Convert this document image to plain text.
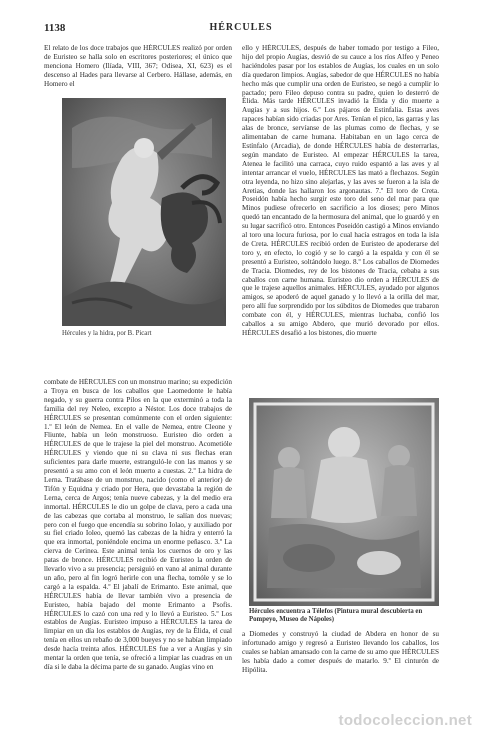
1138	HÉRCULES

El relato de los doce trabajos que HÉRCULES realizó por orden de Euristeo se halla solo en escritores posteriores; el único que menciona Homero (Ilíada, VIII, 367; Odisea, XI, 623) es el descenso al Hades para llevarse al Cerbero. Hállase, además, en Homero el

Hércules y la hidra, por B. Picart

combate de HÉRCULES con un monstruo marino; su expedición a Troya en busca de los caballos que Laomedonte le había negado, y su guerra contra Pilos en la que exterminó a toda la familia del rey Neleo, excepto a Néstor. Los doce trabajos de HÉRCULES se presentan comúnmente con el orden siguiente: 1.º El león de Nemea. En el valle de Nemea, entre Cleone y Fliunte, había un león monstruoso. Euristeo dio orden a HÉRCULES de que le trajese la piel del monstruo. Acometióle HÉRCULES y viendo que ni su clava ni sus flechas eran suficientes para darle muerte, estranguló-le con las manos y se presentó a su amo con el león muerto a cuestas. 2.º La hidra de Lerna. Tratábase de un monstruo, nacido (como el anterior) de Tifón y Equidna y criado por Hera, que devastaba la región de Lerna, cerca de Argos; tenía nueve cabezas, y la del medio era inmortal. HÉRCULES le dio un golpe de clava, pero a cada una de las cabezas que cortaba al monstruo, le salían dos nuevas; pero con el fuego que encendía su sobrino Iolao, y auxiliado por su fiel criado Ioleo, quemó las cabezas de la hidra y enterró la que era inmortal, poniéndole encima un enorme peñasco. 3.º La cierva de Cerinea. Este animal tenía los cuernos de oro y las patas de bronce. HÉRCULES recibió de Euristeo la orden de llevarlo vivo a su presencia; persiguió en vano al animal durante un año, pero al fin logró herirle con una flecha, tomóle y se lo cargó a la espalda. 4.º El jabalí de Erimanto. Este animal, que HÉRCULES había de llevar también vivo a presencia de Euristeo, había bajado del monte Erimanto a Psofis. HÉRCULES lo cazó con una red y lo llevó a Euristeo. 5.º Los establos de Augías. Euristeo impuso a HÉRCULES la tarea de limpiar en un día los establos de Augías, rey de la Élida, el cual tenía en ellos un rebaño de 3,000 bueyes y no se habían limpiado desde hacía treinta años. HÉRCULES fue a ver a Augías y sin mentar la orden que tenía, se ofreció a limpiar las cuadras en un día si le daba la décima parte de su ganado. Augías vino en

ello y HÉRCULES, después de haber tomado por testigo a Fileo, hijo del propio Augías, desvió de su cauce a los ríos Alfeo y Peneo haciéndoles pasar por los establos de Augías, los cuales en un solo día quedaron limpios. Augías, sabedor de que HÉRCULES no había hecho más que cumplir una orden de Euristeo, se negó a cumplir lo pactado; pero Fileo depuso contra su padre, quien lo desterró de Élida. Más tarde HÉRCULES invadió la Élida y dio muerte a Augías y a sus hijos. 6.º Los pájaros de Estinfalia. Estas aves rapaces habían sido criadas por Ares. Tenían el pico, las garras y las alas de bronce, servíanse de las plumas como de flechas, y se alimentaban de carne humana. Habitaban en un lago cerca de Estínfalo (Arcadia), de donde HÉRCULES había de desterrarlas, según mandato de Euristeo. Al empezar HÉRCULES la tarea, Atenea le facilitó una carraca, cuyo ruido espantó a las aves y al intentar arrancar el vuelo, HÉRCULES las mató a flechazos. Según otra leyenda, no hizo sino alejarlas, y las aves se fueron a la isla de Aretias, donde las hallaron los argonautas. 7.º El toro de Creta. Poseidón había hecho surgir este toro del seno del mar para que Minos pudiese ofrecerlo en sacrificio a los dioses; pero Minos quedó tan encantado de la hermosura del animal, que lo guardó y en su lugar sacrificó otro. Entonces Poseidón castigó a Minos enviando al toro una locura furiosa, por lo cual hacía estragos en toda la isla de Creta. HÉRCULES recibió orden de Euristeo de apoderarse del toro y, en efecto, lo cogió y se lo cargó a la espalda y con él se presentó a Euristeo, soltándolo luego. 8.º Los caballos de Diomedes de Tracia. Diomedes, rey de los bistones de Tracia, cebaba a sus caballos con carne humana. Euristeo dio orden a HÉRCULES de que le trajese aquellos animales. HÉRCULES, ayudado por algunos amigos, se apoderó de aquel ganado y lo llevó a la orilla del mar, pero allí fue sorprendido por los súbditos de Diomedes que trabaron combate con él, y HÉRCULES, mientras luchaba, confió los caballos a su amigo Abdero, que murió devorado por ellos. HÉRCULES desafió a los bistones, dio muerte

Hércules encuentra a Télefos (Pintura mural descubierta en Pompeyo, Museo de Nápoles)

a Diomedes y construyó la ciudad de Abdera en honor de su infortunado amigo y regresó a Euristeo llevando los caballos, los cuales se habían amansado con la carne de su amo que HÉRCULES les había dado a comer después de matarlo. 9.º El cinturón de Hipólita.

todocoleccion.net
